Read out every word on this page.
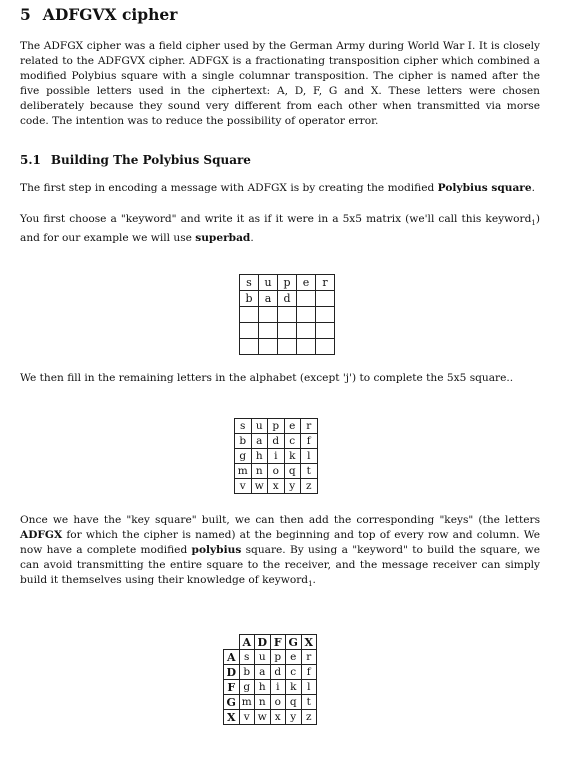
5 ADFGVX cipher

The ADFGX cipher was a field cipher used by the German Army during World War I. It is closely related to the ADFGVX cipher. ADFGX is a fractionating transposition cipher which combined a modified Polybius square with a single columnar transposition. The cipher is named after the five possible letters used in the ciphertext: A, D, F, G and X. These letters were chosen deliberately because they sound very different from each other when transmitted via morse code. The intention was to reduce the possibility of operator error.

5.1 Building The Polybius Square

The first step in encoding a message with ADFGX is by creating the modified Polybius square.

You first choose a "keyword" and write it as if it were in a 5x5 matrix (we'll call this keyword$_1$) and for our example we will use superbad.

s	u	p	e	r
b	a	d		

We then fill in the remaining letters in the alphabet (except 'j') to complete the 5x5 square..

s	u	p	e	r
b	a	d	c	f
g	h	i	k	l
m	n	o	q	t
v	w	x	y	z

Once we have the "key square" built, we can then add the corresponding "keys" (the letters ADFGX for which the cipher is named) at the beginning and top of every row and column. We now have a complete modified polybius square. By using a "keyword" to build the square, we can avoid transmitting the entire square to the receiver, and the message receiver can simply build it themselves using their knowledge of keyword$_1$.

	A	D	F	G	X
A	s	u	p	e	r
D	b	a	d	c	f
F	g	h	i	k	l
G	m	n	o	q	t
X	v	w	x	y	z
